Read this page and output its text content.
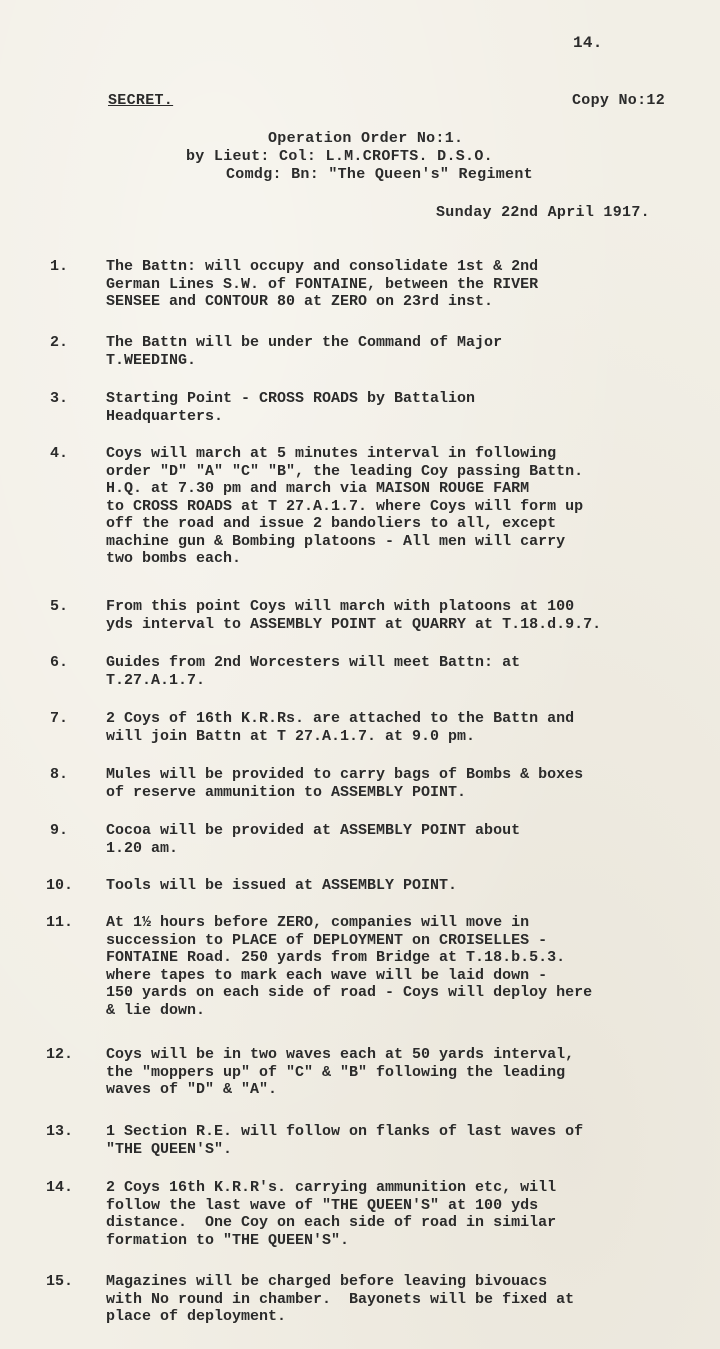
14.
SECRET.	Copy No:12
Operation Order No:1.
by Lieut: Col: L.M.CROFTS. D.S.O.
Comdg: Bn: "The Queen's" Regiment
Sunday 22nd April 1917.
1.	The Battn: will occupy and consolidate 1st & 2nd
German Lines S.W. of FONTAINE, between the RIVER
SENSEE and CONTOUR 80 at ZERO on 23rd inst.
2.	The Battn will be under the Command of Major
T.WEEDING.
3.	Starting Point - CROSS ROADS by Battalion
Headquarters.
4.	Coys will march at 5 minutes interval in following
order "D" "A" "C" "B", the leading Coy passing Battn.
H.Q. at 7.30 pm and march via MAISON ROUGE FARM
to CROSS ROADS at T 27.A.1.7. where Coys will form up
off the road and issue 2 bandoliers to all, except
machine gun & Bombing platoons - All men will carry
two bombs each.
5.	From this point Coys will march with platoons at 100
yds interval to ASSEMBLY POINT at QUARRY at T.18.d.9.7.
6.	Guides from 2nd Worcesters will meet Battn: at
T.27.A.1.7.
7.	2 Coys of 16th K.R.Rs. are attached to the Battn and
will join Battn at T 27.A.1.7. at 9.0 pm.
8.	Mules will be provided to carry bags of Bombs & boxes
of reserve ammunition to ASSEMBLY POINT.
9.	Cocoa will be provided at ASSEMBLY POINT about
1.20 am.
10.	Tools will be issued at ASSEMBLY POINT.
11.	At 1½ hours before ZERO, companies will move in
succession to PLACE of DEPLOYMENT on CROISELLES -
FONTAINE Road. 250 yards from Bridge at T.18.b.5.3.
where tapes to mark each wave will be laid down -
150 yards on each side of road - Coys will deploy here
& lie down.
12.	Coys will be in two waves each at 50 yards interval,
the "moppers up" of "C" & "B" following the leading
waves of "D" & "A".
13.	1 Section R.E. will follow on flanks of last waves of
"THE QUEEN'S".
14.	2 Coys 16th K.R.R's. carrying ammunition etc, will
follow the last wave of "THE QUEEN'S" at 100 yds
distance.  One Coy on each side of road in similar
formation to "THE QUEEN'S".
15.	Magazines will be charged before leaving bivouacs
with No round in chamber.  Bayonets will be fixed at
place of deployment.
